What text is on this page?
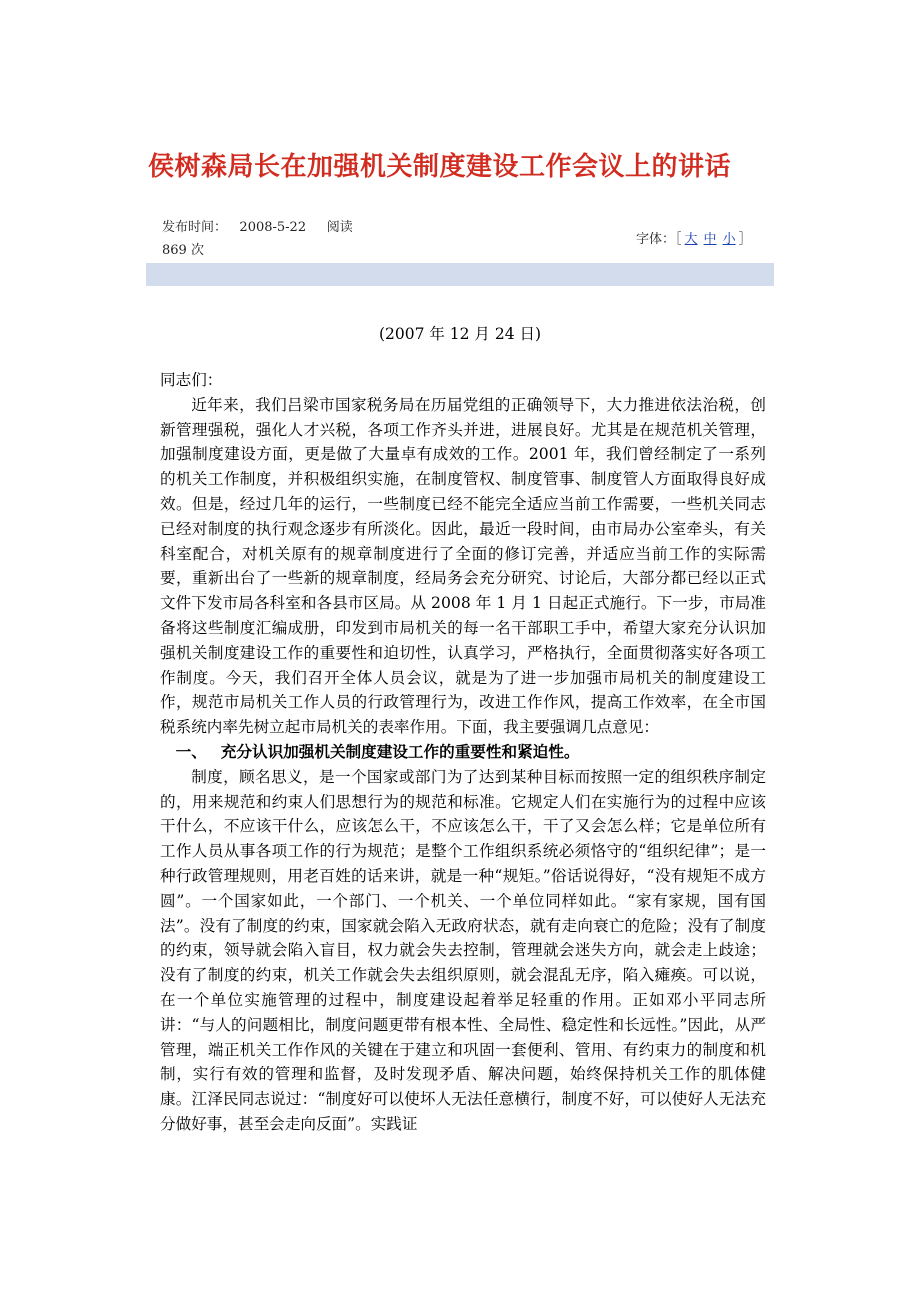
侯树森局长在加强机关制度建设工作会议上的讲话
发布时间： 2008-5-22 阅读
869 次
字体：［ 大 中 小 ］
(2007 年 12 月 24 日)

同志们：

近年来，我们吕梁市国家税务局在历届党组的正确领导下，大力推进依法治税，创新管理强税，强化人才兴税，各项工作齐头并进，进展良好。尤其是在规范机关管理，加强制度建设方面，更是做了大量卓有成效的工作。2001 年，我们曾经制定了一系列的机关工作制度，并积极组织实施，在制度管权、制度管事、制度管人方面取得良好成效。但是，经过几年的运行，一些制度已经不能完全适应当前工作需要，一些机关同志已经对制度的执行观念逐步有所淡化。因此，最近一段时间，由市局办公室牵头，有关科室配合，对机关原有的规章制度进行了全面的修订完善，并适应当前工作的实际需要，重新出台了一些新的规章制度，经局务会充分研究、讨论后，大部分都已经以正式文件下发市局各科室和各县市区局。从 2008 年 1 月 1 日起正式施行。下一步，市局准备将这些制度汇编成册，印发到市局机关的每一名干部职工手中，希望大家充分认识加强机关制度建设工作的重要性和迫切性，认真学习，严格执行，全面贯彻落实好各项工作制度。今天，我们召开全体人员会议，就是为了进一步加强市局机关的制度建设工作，规范市局机关工作人员的行政管理行为，改进工作作风，提高工作效率，在全市国税系统内率先树立起市局机关的表率作用。下面，我主要强调几点意见：

一、 充分认识加强机关制度建设工作的重要性和紧迫性。

制度，顾名思义，是一个国家或部门为了达到某种目标而按照一定的组织秩序制定的，用来规范和约束人们思想行为的规范和标准。它规定人们在实施行为的过程中应该干什么，不应该干什么，应该怎么干，不应该怎么干，干了又会怎么样；它是单位所有工作人员从事各项工作的行为规范；是整个工作组织系统必须恪守的“组织纪律”；是一种行政管理规则，用老百姓的话来讲，就是一种“规矩。”俗话说得好，“没有规矩不成方圆”。一个国家如此，一个部门、一个机关、一个单位同样如此。“家有家规，国有国法”。没有了制度的约束，国家就会陷入无政府状态，就有走向衰亡的危险；没有了制度的约束，领导就会陷入盲目，权力就会失去控制，管理就会迷失方向，就会走上歧途；没有了制度的约束，机关工作就会失去组织原则，就会混乱无序，陷入瘫痪。可以说，在一个单位实施管理的过程中，制度建设起着举足轻重的作用。正如邓小平同志所讲：“与人的问题相比，制度问题更带有根本性、全局性、稳定性和长远性。”因此，从严管理，端正机关工作作风的关键在于建立和巩固一套便利、管用、有约束力的制度和机制，实行有效的管理和监督，及时发现矛盾、解决问题，始终保持机关工作的肌体健康。江泽民同志说过：“制度好可以使坏人无法任意横行，制度不好，可以使好人无法充分做好事，甚至会走向反面”。实践证
